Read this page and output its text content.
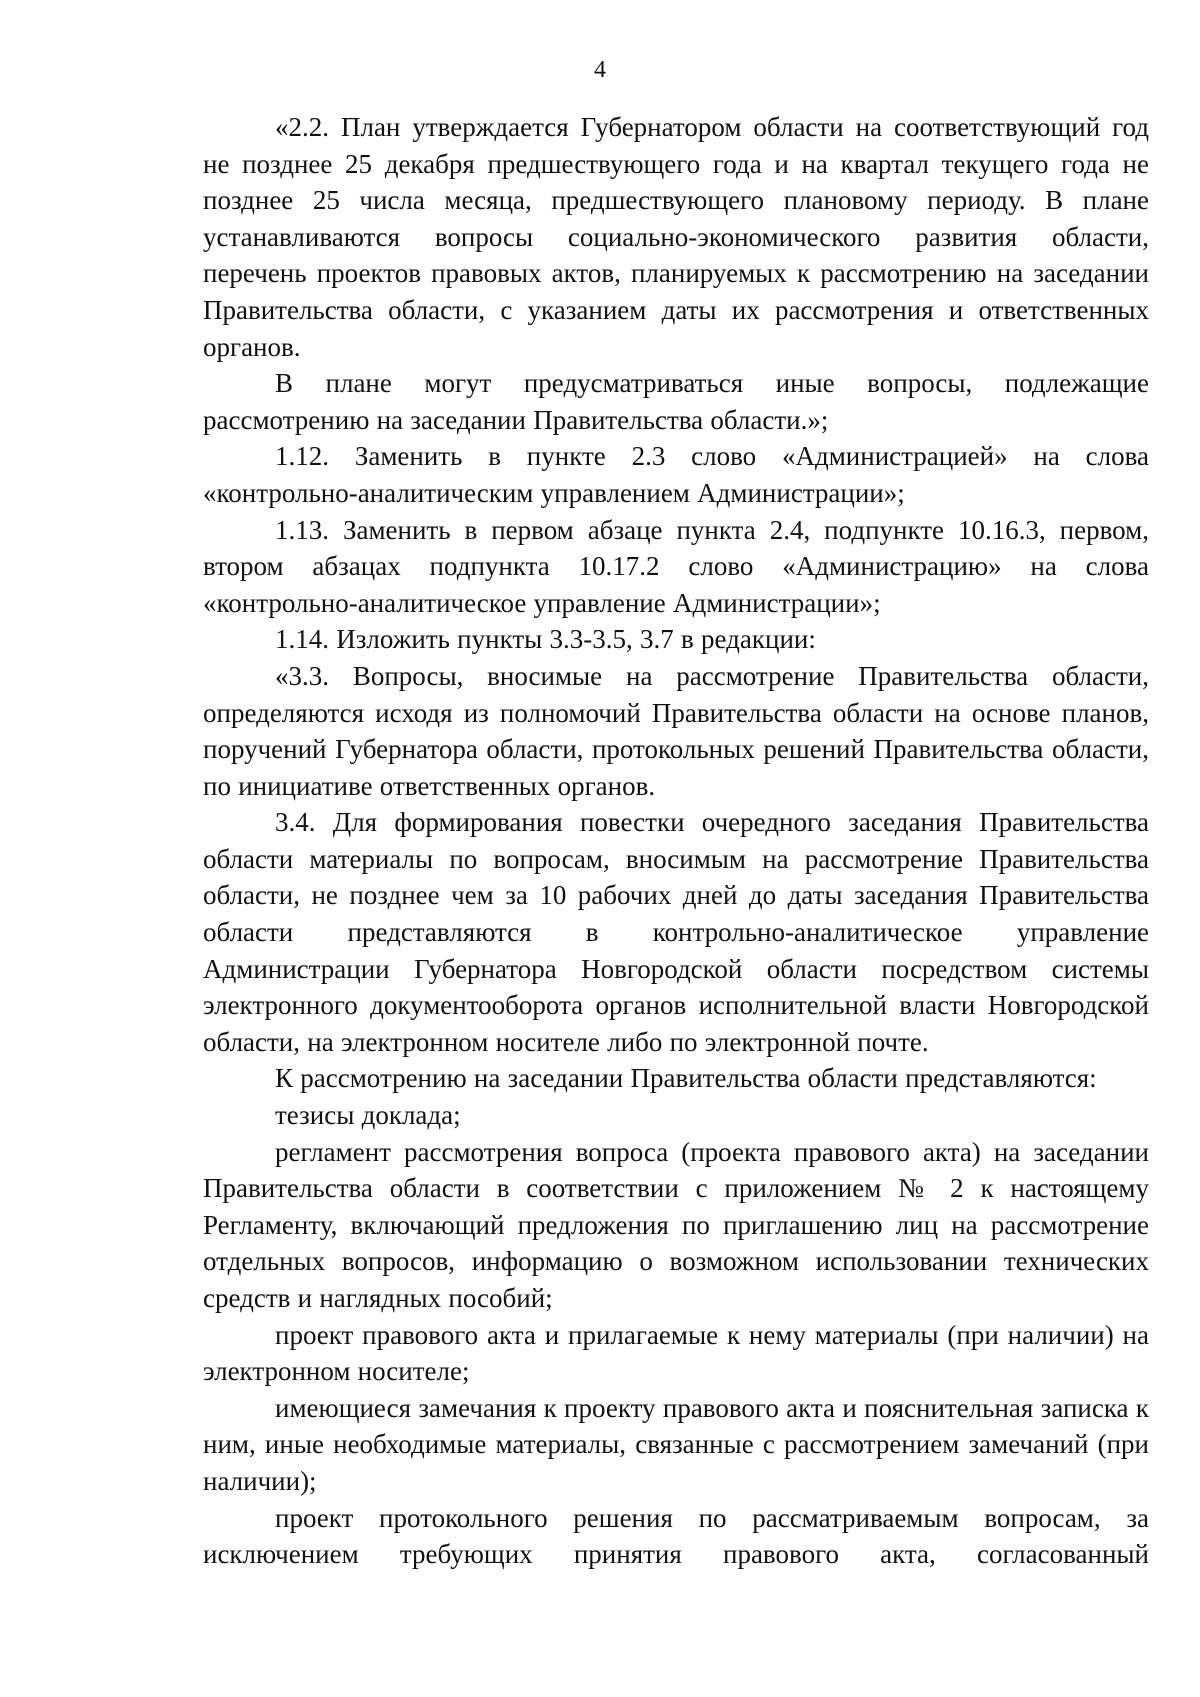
4

«2.2. План утверждается Губернатором области на соответствующий год не позднее 25 декабря предшествующего года и на квартал текущего года не позднее 25 числа месяца, предшествующего плановому периоду. В плане устанавливаются вопросы социально-экономического развития области, перечень проектов правовых актов, планируемых к рассмотрению на заседании Правительства области, с указанием даты их рассмотрения и ответственных органов.

В плане могут предусматриваться иные вопросы, подлежащие рассмотрению на заседании Правительства области.»;

1.12. Заменить в пункте 2.3 слово «Администрацией» на слова «контрольно-аналитическим управлением Администрации»;

1.13. Заменить в первом абзаце пункта 2.4, подпункте 10.16.3, первом, втором абзацах подпункта 10.17.2 слово «Администрацию» на слова «контрольно-аналитическое управление Администрации»;

1.14. Изложить пункты 3.3-3.5, 3.7 в редакции:

«3.3. Вопросы, вносимые на рассмотрение Правительства области, определяются исходя из полномочий Правительства области на основе планов, поручений Губернатора области, протокольных решений Правительства области, по инициативе ответственных органов.

3.4. Для формирования повестки очередного заседания Правительства области материалы по вопросам, вносимым на рассмотрение Правительства области, не позднее чем за 10 рабочих дней до даты заседания Правительства области представляются в контрольно-аналитическое управление Администрации Губернатора Новгородской области посредством системы электронного документооборота органов исполнительной власти Новгородской области, на электронном носителе либо по электронной почте.

К рассмотрению на заседании Правительства области представляются:

тезисы доклада;

регламент рассмотрения вопроса (проекта правового акта) на заседании Правительства области в соответствии с приложением № 2 к настоящему Регламенту, включающий предложения по приглашению лиц на рассмотрение отдельных вопросов, информацию о возможном использовании технических средств и наглядных пособий;

проект правового акта и прилагаемые к нему материалы (при наличии) на электронном носителе;

имеющиеся замечания к проекту правового акта и пояснительная записка к ним, иные необходимые материалы, связанные с рассмотрением замечаний (при наличии);

проект протокольного решения по рассматриваемым вопросам, за исключением требующих принятия правового акта, согласованный
